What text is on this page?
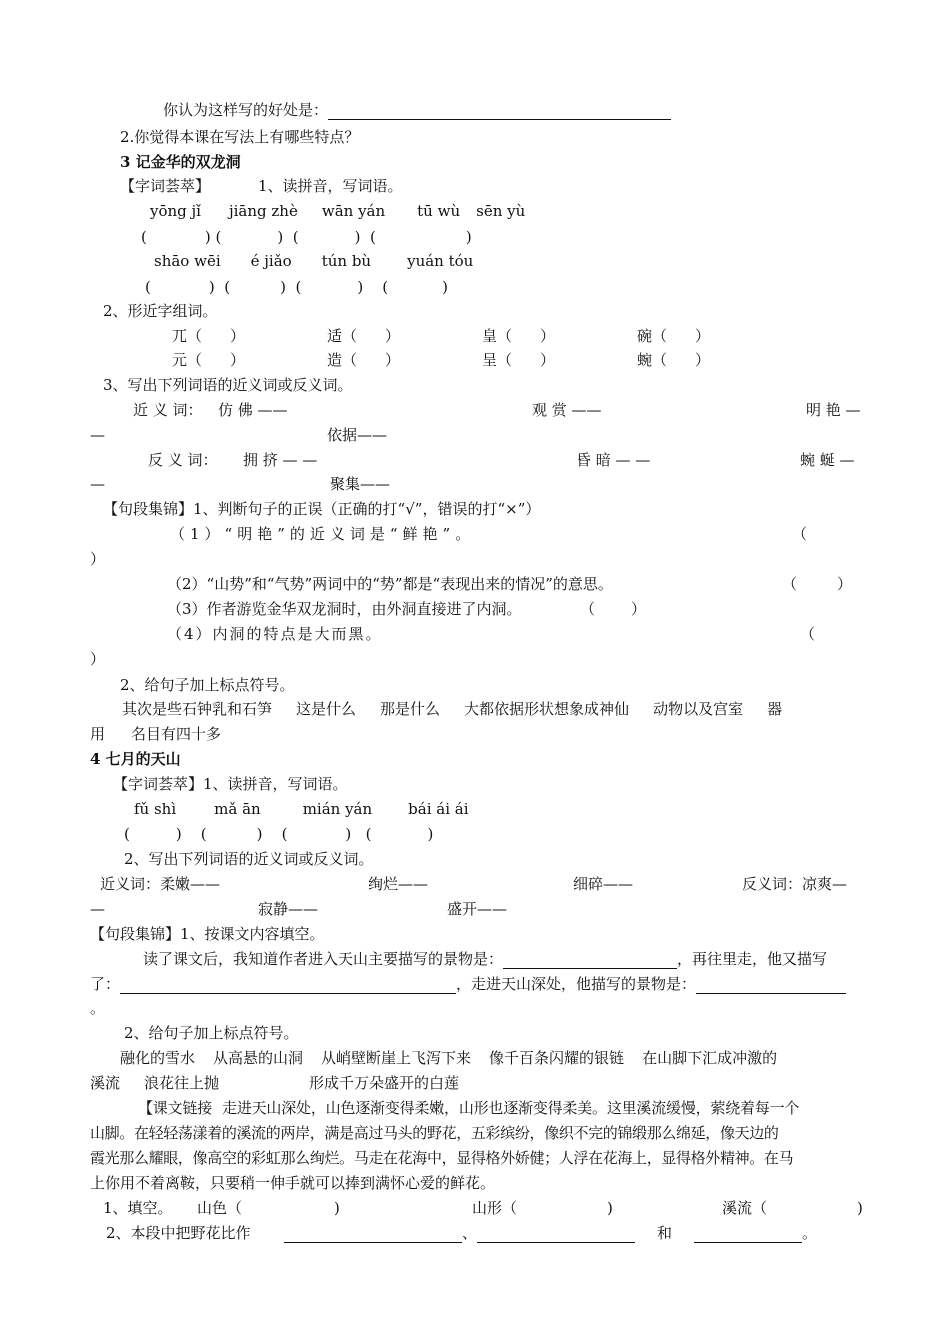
你认为这样写的好处是：
2.你觉得本课在写法上有哪些特点？
3 记金华的双龙洞
【字词荟萃】	1、读拼音，写词语。
yōng jǐ jiāng zhè wān yán tū wù sēn yù
(	) (	)  (	)  (	)
shāo wēi é jiǎo tún bù yuán tóu
(	)  (	)  (	)    (	)
2、形近字组词。
兀（ ）	适（ ）	皇（ ）	碗（ ）
元（ ）	造（ ）	呈（ ）	蜿（ ）
3、写出下列词语的近义词或反义词。
近 义 词： 仿 佛 ——	观 赏 ——	明 艳 —
—	依据——
反 义 词： 拥 挤 — —	昏 暗 — —	蜿 蜒 —
—	聚集——
【句段集锦】1、判断句子的正误（正确的打“√”，错误的打“×”）
（1）“明艳”的近义词是“鲜艳”。	（
）
（2）“山势”和“气势”两词中的“势”都是“表现出来的情况”的意思。	（	）
（3）作者游览金华双龙洞时，由外洞直接进了内洞。	（ ）
（4）内洞的特点是大而黑。	（
）
2、给句子加上标点符号。
其次是些石钟乳和石笋 这是什么 那是什么 大都依据形状想象成神仙 动物以及宫室 器
用 名目有四十多
4 七月的天山
【字词荟萃】1、读拼音，写词语。
fǔ shì	mǎ ān	mián yán bái ái ái
(	)    (	)    (	)   (	)
2、写出下列词语的近义词或反义词。
近义词：柔嫩——	绚烂——	细碎——	反义词：凉爽—
—	寂静——	盛开——
【句段集锦】1、按课文内容填空。
读了课文后，我知道作者进入天山主要描写的景物是：	，再往里走，他又描写
了：	，走进天山深处，他描写的景物是：
。
2、给句子加上标点符号。
融化的雪水 从高悬的山洞 从峭壁断崖上飞泻下来 像千百条闪耀的银链 在山脚下汇成冲激的
溪流 浪花往上抛	形成千万朵盛开的白莲
【课文链接 走进天山深处，山色逐渐变得柔嫩，山形也逐渐变得柔美。这里溪流缓慢，萦绕着每一个
山脚。在轻轻荡漾着的溪流的两岸，满是高过马头的野花，五彩缤纷，像织不完的锦缎那么绵延，像天边的
霞光那么耀眼，像高空的彩虹那么绚烂。马走在花海中，显得格外娇健；人浮在花海上，显得格外精神。在马
上你用不着离鞍，只要稍一伸手就可以捧到满怀心爱的鲜花。
1、填空。 山色（	)	山形（	)	溪流（	)
2、本段中把野花比作	、	和	。
